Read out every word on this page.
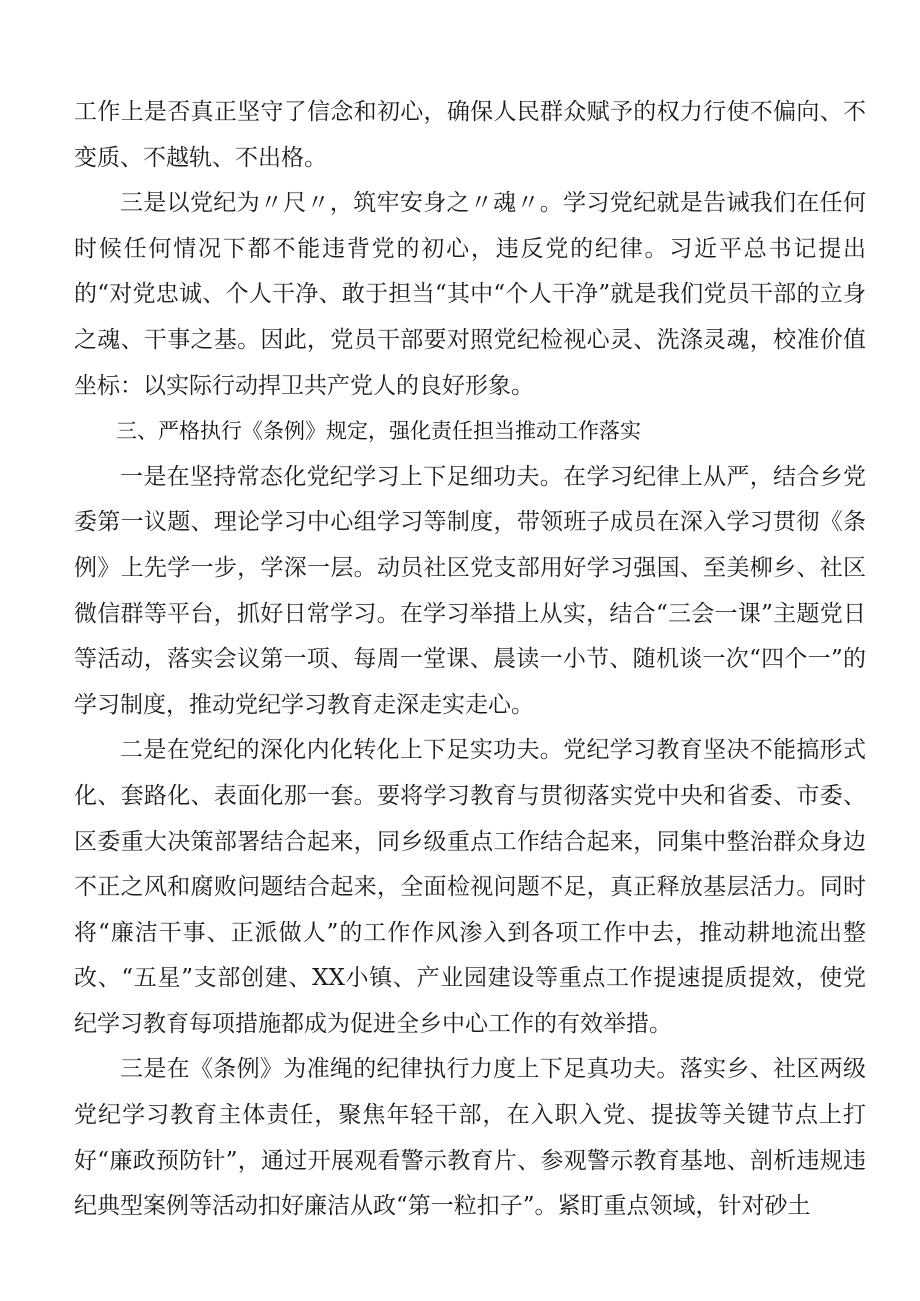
工作上是否真正坚守了信念和初心，确保人民群众赋予的权力行使不偏向、不变质、不越轨、不出格。

三是以党纪为〃尺〃，筑牢安身之〃魂〃。学习党纪就是告诫我们在任何时候任何情况下都不能违背党的初心，违反党的纪律。习近平总书记提出的“对党忠诚、个人干净、敢于担当“其中“个人干净”就是我们党员干部的立身之魂、干事之基。因此，党员干部要对照党纪检视心灵、洗涤灵魂，校准价值坐标：以实际行动捍卫共产党人的良好形象。

三、严格执行《条例》规定，强化责任担当推动工作落实

一是在坚持常态化党纪学习上下足细功夫。在学习纪律上从严，结合乡党委第一议题、理论学习中心组学习等制度，带领班子成员在深入学习贯彻《条例》上先学一步，学深一层。动员社区党支部用好学习强国、至美柳乡、社区微信群等平台，抓好日常学习。在学习举措上从实，结合“三会一课”主题党日等活动，落实会议第一项、每周一堂课、晨读一小节、随机谈一次“四个一”的学习制度，推动党纪学习教育走深走实走心。

二是在党纪的深化内化转化上下足实功夫。党纪学习教育坚决不能搞形式化、套路化、表面化那一套。要将学习教育与贯彻落实党中央和省委、市委、区委重大决策部署结合起来，同乡级重点工作结合起来，同集中整治群众身边不正之风和腐败问题结合起来，全面检视问题不足，真正释放基层活力。同时将“廉洁干事、正派做人”的工作作风渗入到各项工作中去，推动耕地流出整改、“五星”支部创建、XX小镇、产业园建设等重点工作提速提质提效，使党纪学习教育每项措施都成为促进全乡中心工作的有效举措。

三是在《条例》为准绳的纪律执行力度上下足真功夫。落实乡、社区两级党纪学习教育主体责任，聚焦年轻干部，在入职入党、提拔等关键节点上打好“廉政预防针”，通过开展观看警示教育片、参观警示教育基地、剖析违规违纪典型案例等活动扣好廉洁从政“第一粒扣子”。紧盯重点领域，针对砂土
